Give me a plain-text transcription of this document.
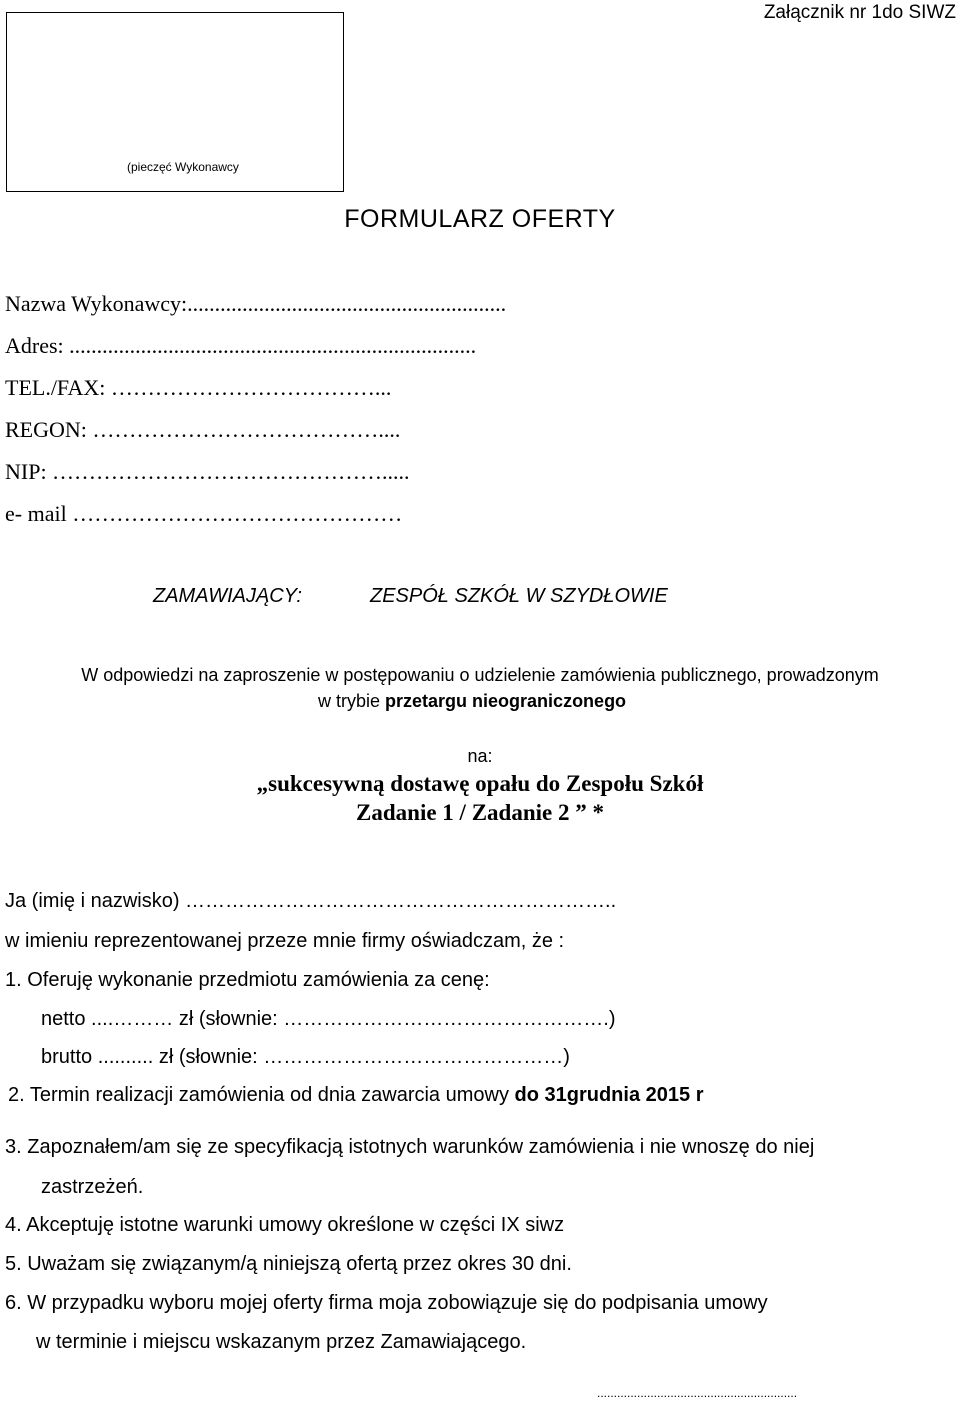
Załącznik nr 1do SIWZ
(pieczęć Wykonawcy
FORMULARZ OFERTY
Nazwa Wykonawcy:..........................................................
Adres: ..........................................................................
TEL./FAX: ………………………………...
REGON: …………………………………....
NIP: ……………………………………….....
e- mail ………………………………………
ZAMAWIAJĄCY:	ZESPÓŁ SZKÓŁ W SZYDŁOWIE
W odpowiedzi na zaproszenie w postępowaniu o udzielenie zamówienia publicznego, prowadzonym
w trybie przetargu nieograniczonego
na:
„sukcesywną dostawę opału do Zespołu Szkół
Zadanie 1 / Zadanie 2 ” *
Ja (imię i nazwisko) ………………………………………………………..
w imieniu reprezentowanej przeze mnie firmy oświadczam, że :
1. Oferuję wykonanie przedmiotu zamówienia za cenę:
netto ....……… zł (słownie: ………………………………………….)
brutto .......... zł (słownie: ………………………………………)
2. Termin realizacji zamówienia od dnia zawarcia umowy do 31grudnia 2015 r
3. Zapoznałem/am się ze specyfikacją istotnych warunków zamówienia i nie wnoszę do niej
zastrzeżeń.
4. Akceptuję istotne warunki umowy określone w części IX siwz
5. Uważam się związanym/ą niniejszą ofertą przez okres 30 dni.
6. W przypadku wyboru mojej oferty firma moja zobowiązuje się do podpisania umowy
w terminie i miejscu wskazanym przez Zamawiającego.
............................................................
